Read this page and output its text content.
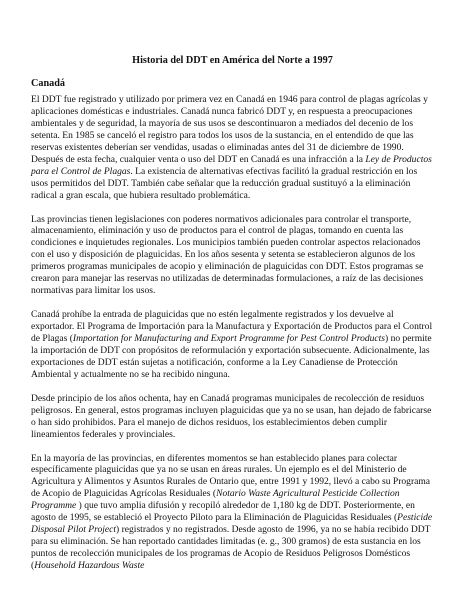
Historia del DDT en América del Norte a 1997
Canadá

El DDT fue registrado y utilizado por primera vez en Canadá en 1946 para control de plagas agrícolas y aplicaciones domésticas e industriales. Canadá nunca fabricó DDT y, en respuesta a preocupaciones ambientales y de seguridad, la mayoría de sus usos se descontinuaron a mediados del decenio de los setenta. En 1985 se canceló el registro para todos los usos de la sustancia, en el entendido de que las reservas existentes deberían ser vendidas, usadas o eliminadas antes del 31 de diciembre de 1990. Después de esta fecha, cualquier venta o uso del DDT en Canadá es una infracción a la Ley de Productos para el Control de Plagas. La existencia de alternativas efectivas facilitó la gradual restricción en los usos permitidos del DDT. También cabe señalar que la reducción gradual sustituyó a la eliminación radical a gran escala, que hubiera resultado problemática.

Las provincias tienen legislaciones con poderes normativos adicionales para controlar el transporte, almacenamiento, eliminación y uso de productos para el control de plagas, tomando en cuenta las condiciones e inquietudes regionales. Los municipios también pueden controlar aspectos relacionados con el uso y disposición de plaguicidas. En los años sesenta y setenta se establecieron algunos de los primeros programas municipales de acopio y eliminación de plaguicidas con DDT. Estos programas se crearon para manejar las reservas no utilizadas de determinadas formulaciones, a raíz de las decisiones normativas para limitar los usos.

Canadá prohíbe la entrada de plaguicidas que no estén legalmente registrados y los devuelve al exportador. El Programa de Importación para la Manufactura y Exportación de Productos para el Control de Plagas (Importation for Manufacturing and Export Programme for Pest Control Products) no permite la importación de DDT con propósitos de reformulación y exportación subsecuente. Adicionalmente, las exportaciones de DDT están sujetas a notificación, conforme a la Ley Canadiense de Protección Ambiental y actualmente no se ha recibido ninguna.

Desde principio de los años ochenta, hay en Canadá programas municipales de recolección de residuos peligrosos. En general, estos programas incluyen plaguicidas que ya no se usan, han dejado de fabricarse o han sido prohibidos. Para el manejo de dichos residuos, los establecimientos deben cumplir lineamientos federales y provinciales.

En la mayoría de las provincias, en diferentes momentos se han establecido planes para colectar específicamente plaguicidas que ya no se usan en áreas rurales. Un ejemplo es el del Ministerio de Agricultura y Alimentos y Asuntos Rurales de Ontario que, entre 1991 y 1992, llevó a cabo su Programa de Acopio de Plaguicidas Agrícolas Residuales (Notario Waste Agricultural Pesticide Collection Programme ) que tuvo amplia difusión y recopiló alrededor de 1,180 kg de DDT. Posteriormente, en agosto de 1995, se estableció el Proyecto Piloto para la Eliminación de Plaguicidas Residuales (Pesticide Disposal Pilot Project) registrados y no registrados. Desde agosto de 1996, ya no se había recibido DDT para su eliminación. Se han reportado cantidades limitadas (e. g., 300 gramos) de esta sustancia en los puntos de recolección municipales de los programas de Acopio de Residuos Peligrosos Domésticos (Household Hazardous Waste
